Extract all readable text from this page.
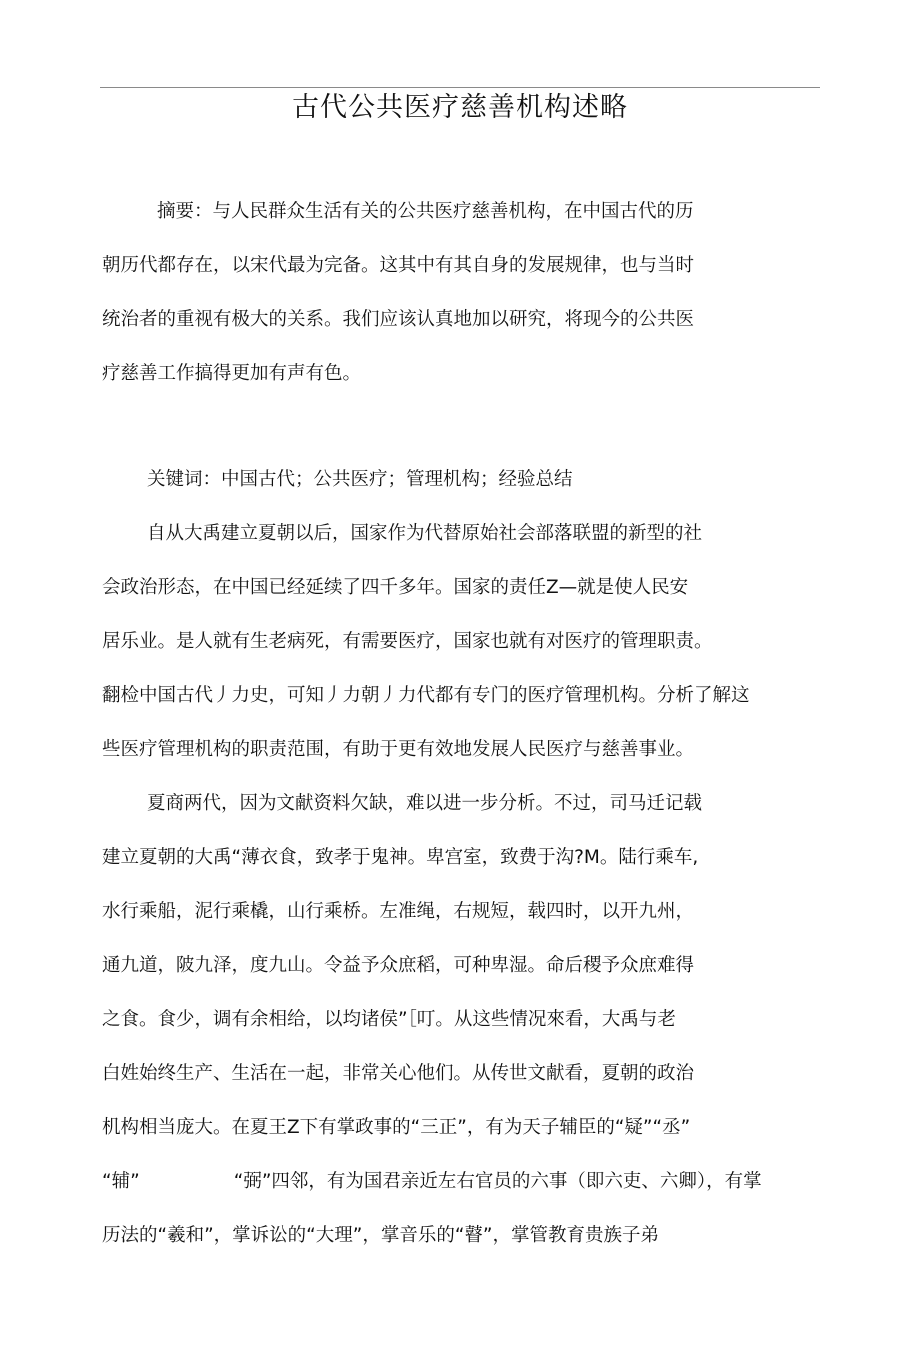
古代公共医疗慈善机构述略

摘要：与人民群众生活有关的公共医疗慈善机构，在中国古代的历

朝历代都存在，以宋代最为完备。这其中有其自身的发展规律，也与当时

统治者的重视有极大的关系。我们应该认真地加以研究，将现今的公共医

疗慈善工作搞得更加有声有色。

关键词：中国古代；公共医疗；管理机构；经验总结

自从大禹建立夏朝以后，国家作为代替原始社会部落联盟的新型的社

会政治形态，在中国已经延续了四千多年。国家的责任Z—就是使人民安

居乐业。是人就有生老病死，有需要医疗，国家也就有对医疗的管理职责。

翻检中国古代丿力史，可知丿力朝丿力代都有专门的医疗管理机构。分析了解这

些医疗管理机构的职责范围，有助于更有效地发展人民医疗与慈善事业。

夏商两代，因为文献资料欠缺，难以进一步分析。不过，司马迁记载

建立夏朝的大禹“薄衣食，致孝于鬼神。卑宫室，致费于沟?M。陆行乘车,

水行乘船，泥行乘橇，山行乘桥。左准绳，右规短，载四时，以开九州，

通九道，陂九泽，度九山。令益予众庶稻，可种卑湿。命后稷予众庶难得

之食。食少，调有余相给，以均诸侯”［叮。从这些情况來看，大禹与老

白姓始终生产、生活在一起，非常关心他们。从传世文献看，夏朝的政治

机构相当庞大。在夏王Z下有掌政事的“三正”，有为天子辅臣的“疑”“丞”

“辅”                “弼”四邻，有为国君亲近左右官员的六事（即六吏、六卿），有掌

历法的“羲和”，掌诉讼的“大理”，掌音乐的“瞽”，掌管教育贵族子弟
